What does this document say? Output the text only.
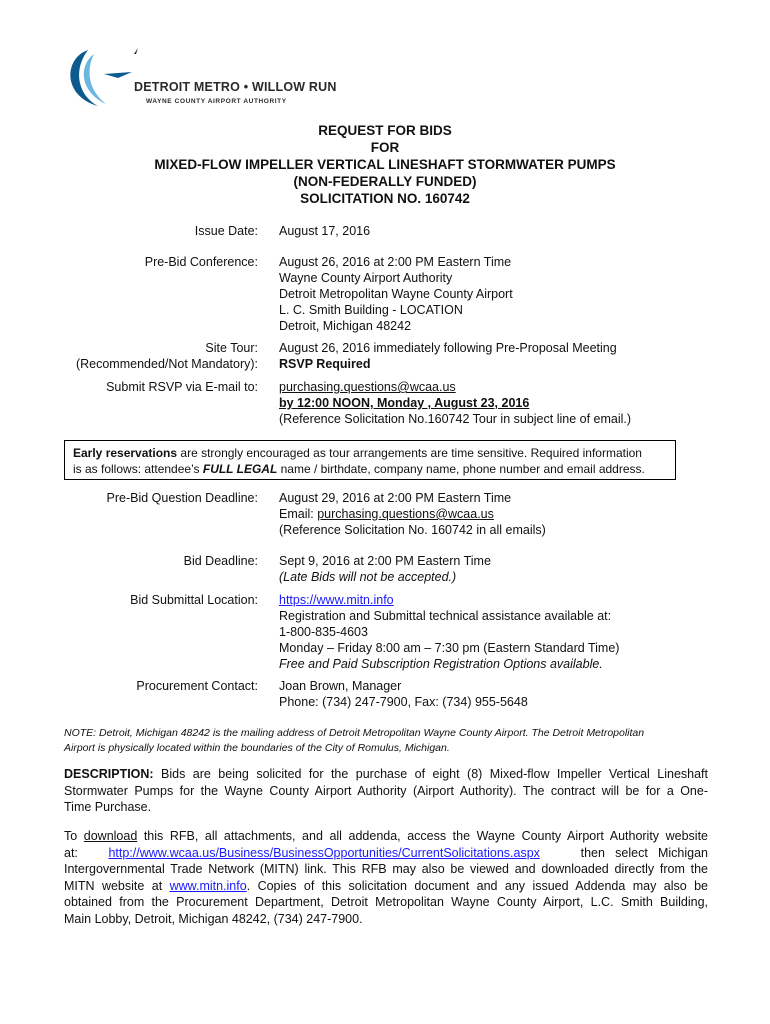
DETROIT METRO • WILLOW RUN
WAYNE COUNTY AIRPORT AUTHORITY
REQUEST FOR BIDS
FOR
MIXED-FLOW IMPELLER VERTICAL LINESHAFT STORMWATER PUMPS
(NON-FEDERALLY FUNDED)
SOLICITATION NO. 160742
Issue Date: August 17, 2016
Pre-Bid Conference: August 26, 2016 at 2:00 PM Eastern Time
Wayne County Airport Authority
Detroit Metropolitan Wayne County Airport
L. C. Smith Building - LOCATION
Detroit, Michigan 48242
Site Tour:
(Recommended/Not Mandatory):
August 26, 2016 immediately following Pre-Proposal Meeting
RSVP Required
Submit RSVP via E-mail to: purchasing.questions@wcaa.us
by 12:00 NOON, Monday , August 23, 2016
(Reference Solicitation No.160742 Tour in subject line of email.)
Early reservations are strongly encouraged as tour arrangements are time sensitive. Required information
is as follows: attendee’s FULL LEGAL name / birthdate, company name, phone number and email address.
Pre-Bid Question Deadline: August 29, 2016 at 2:00 PM Eastern Time
Email: purchasing.questions@wcaa.us
(Reference Solicitation No. 160742 in all emails)
Bid Deadline: Sept 9, 2016 at 2:00 PM Eastern Time
(Late Bids will not be accepted.)
Bid Submittal Location: https://www.mitn.info
Registration and Submittal technical assistance available at:
1-800-835-4603
Monday – Friday 8:00 am – 7:30 pm (Eastern Standard Time)
Free and Paid Subscription Registration Options available.
Procurement Contact: Joan Brown, Manager
Phone: (734) 247-7900, Fax: (734) 955-5648
NOTE: Detroit, Michigan 48242 is the mailing address of Detroit Metropolitan Wayne County Airport. The Detroit Metropolitan
Airport is physically located within the boundaries of the City of Romulus, Michigan.
DESCRIPTION: Bids are being solicited for the purchase of eight (8) Mixed-flow Impeller Vertical Lineshaft
Stormwater Pumps for the Wayne County Airport Authority (Airport Authority). The contract will be for a One-
Time Purchase.
To download this RFB, all attachments, and all addenda, access the Wayne County Airport Authority website
at: http://www.wcaa.us/Business/BusinessOpportunities/CurrentSolicitations.aspx	then select Michigan
Intergovernmental Trade Network (MITN) link. This RFB may also be viewed and downloaded directly from the
MITN website at www.mitn.info. Copies of this solicitation document and any issued Addenda may also be
obtained from the Procurement Department, Detroit Metropolitan Wayne County Airport, L.C. Smith Building,
Main Lobby, Detroit, Michigan 48242, (734) 247-7900.
